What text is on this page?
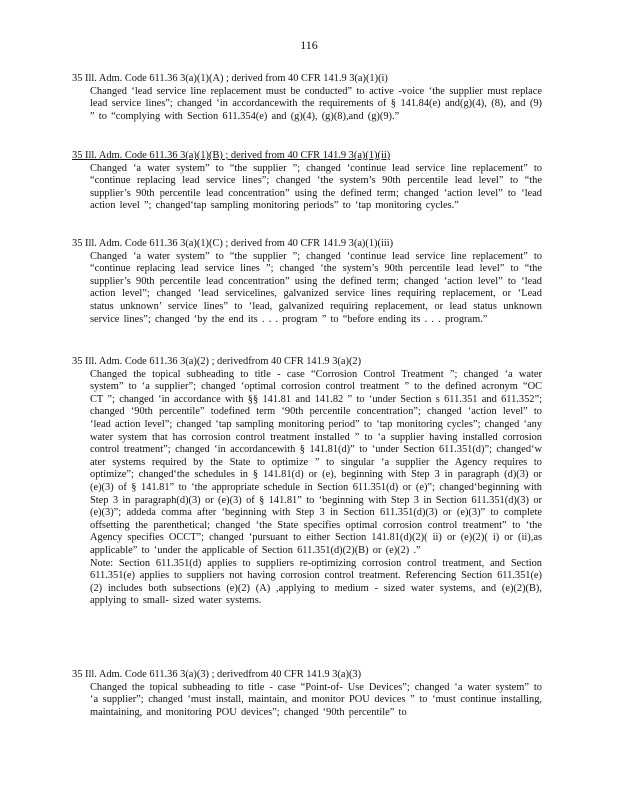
116
35 Ill. Adm. Code 611.36 3(a)(1)(A) ; derived from 40 CFR 141.9 3(a)(1)(i)
Changed ‘lead service line replacement must be conducted” to active -voice ‘the supplier must replace lead service lines”; changed ‘in accordancewith the requirements of § 141.84(e) and(g)(4), (8), and (9) ” to “complying with Section 611.354(e) and (g)(4), (g)(8),and (g)(9).”
35 Ill. Adm. Code 611.36 3(a)(1)(B) ; derived from 40 CFR 141.9 3(a)(1)(ii)
Changed ‘a water system” to “the supplier ”; changed ‘continue lead service line replacement” to “continue replacing lead service lines”; changed ‘the system’s 90th percentile lead level” to “the supplier’s 90th percentile lead concentration” using the defined term; changed ‘action level” to ‘lead action level ”; changed‘tap sampling monitoring periods” to ‘tap monitoring cycles.”
35 Ill. Adm. Code 611.36 3(a)(1)(C) ; derived from 40 CFR 141.9 3(a)(1)(iii)
Changed ‘a water system” to “the supplier ”; changed ‘continue lead service line replacement” to “continue replacing lead service lines ”; changed ‘the system’s 90th percentile lead level” to “the supplier’s 90th percentile lead concentration” using the defined term; changed ‘action level” to ‘lead action level”; changed ‘lead servicelines, galvanized service lines requiring replacement, or ‘Lead status unknown’ service lines” to ‘lead, galvanized requiring replacement, or lead status unknown service lines”; changed ‘by the end its . . . program ” to “before ending its . . . program.”
35 Ill. Adm. Code 611.36 3(a)(2) ; derivedfrom 40 CFR 141.9 3(a)(2)
Changed the topical subheading to title - case “Corrosion Control Treatment ”; changed ‘a water system” to ‘a supplier”; changed ‘optimal corrosion control treatment ” to the defined acronym “OC CT ”; changed ‘in accordance with §§ 141.81 and 141.82 ” to ‘under Section s 611.351 and 611.352”; changed ‘90th percentile” todefined term ‘90th percentile concentration”; changed ‘action level” to ‘lead action level”; changed ‘tap sampling monitoring period” to ‘tap monitoring cycles”; changed ‘any water system that has corrosion control treatment installed ” to ‘a supplier having installed corrosion control treatment”; changed ‘in accordancewith § 141.81(d)” to ‘under Section 611.351(d)”; changed‘w ater systems required by the State to optimize ” to singular ‘a supplier the Agency requires to optimize”; changed‘the schedules in § 141.81(d) or (e), beginning with Step 3 in paragraph (d)(3) or (e)(3) of § 141.81” to ‘the appropriate schedule in Section 611.351(d) or (e)”; changed‘beginning with Step 3 in paragraph(d)(3) or (e)(3) of § 141.81” to ‘beginning with Step 3 in Section 611.351(d)(3) or (e)(3)”; addeda comma after ‘beginning with Step 3 in Section 611.351(d)(3) or (e)(3)” to complete offsetting the parenthetical; changed ‘the State specifies optimal corrosion control treatment” to ‘the Agency specifies OCCT”; changed ‘pursuant to either Section 141.81(d)(2)( ii) or (e)(2)( i) or (ii),as applicable” to ‘under the applicable of Section 611.351(d)(2)(B) or (e)(2) .”
Note: Section 611.351(d) applies to suppliers re-optimizing corrosion control treatment, and Section 611.351(e) applies to suppliers not having corrosion control treatment. Referencing Section 611.351(e) (2) includes both subsections (e)(2) (A) ,applying to medium - sized water systems, and (e)(2)(B), applying to small- sized water systems.
35 Ill. Adm. Code 611.36 3(a)(3) ; derivedfrom 40 CFR 141.9 3(a)(3)
Changed the topical subheading to title - case “Point-of- Use Devices”; changed ‘a water system” to ‘a supplier”; changed ‘must install, maintain, and monitor POU devices ” to ‘must continue installing, maintaining, and monitoring POU devices”; changed ‘90th percentile” to
